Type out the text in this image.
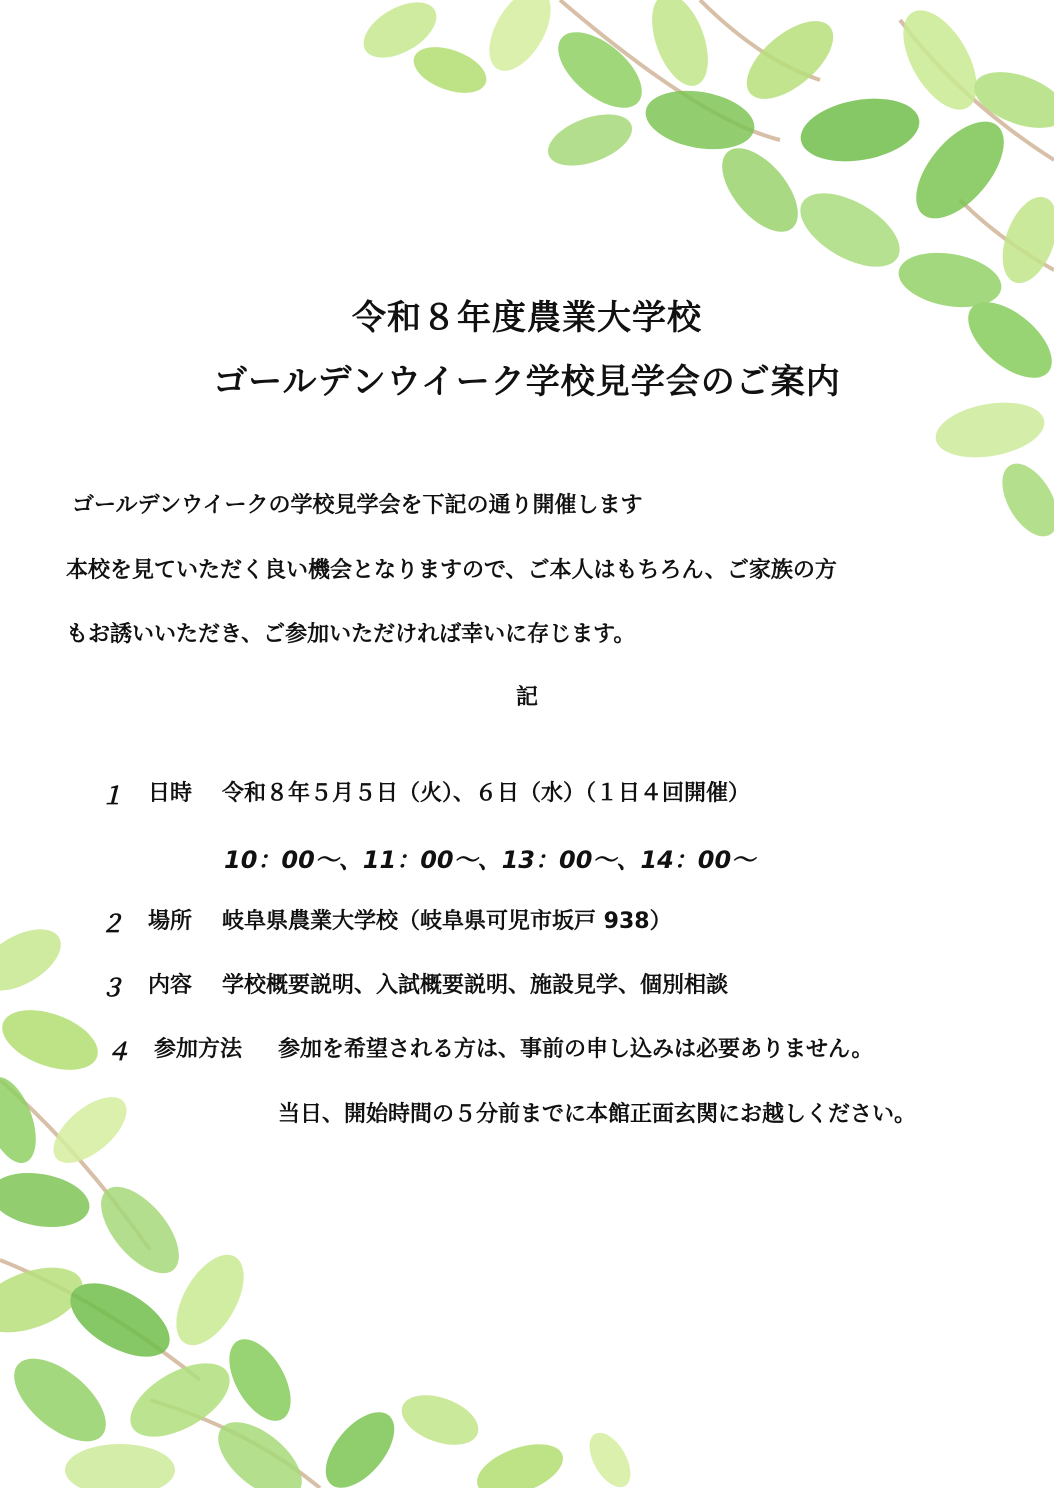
令和８年度農業大学校
ゴールデンウイーク学校見学会のご案内
ゴールデンウイークの学校見学会を下記の通り開催します
本校を見ていただく良い機会となりますので、ご本人はもちろん、ご家族の方
もお誘いいただき、ご参加いただければ幸いに存じます。
記
１ 日時 令和８年５月５日（火）、６日（水）（１日４回開催）
10：00～、11：00～、13：00～、14：00～
２ 場所 岐阜県農業大学校（岐阜県可児市坂戸 938）
３ 内容 学校概要説明、入試概要説明、施設見学、個別相談
４ 参加方法 参加を希望される方は、事前の申し込みは必要ありません。
当日、開始時間の５分前までに本館正面玄関にお越しください。
